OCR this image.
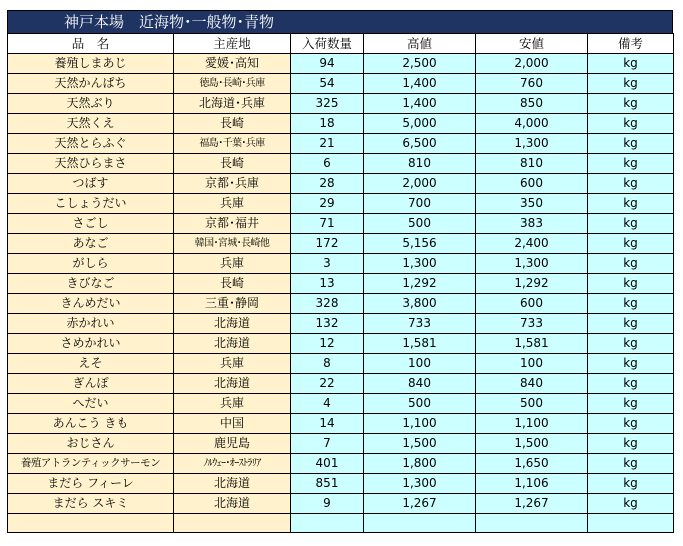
神戸本場　近海物･一般物･青物
品　名	主産地	入荷数量	高値	安値	備考
養殖しまあじ	愛媛･高知	94	2,500	2,000	kg
天然かんぱち	徳島･長崎･兵庫	54	1,400	760	kg
天然ぶり	北海道･兵庫	325	1,400	850	kg
天然くえ	長崎	18	5,000	4,000	kg
天然とらふぐ	福島･千葉･兵庫	21	6,500	1,300	kg
天然ひらまさ	長崎	6	810	810	kg
つばす	京都･兵庫	28	2,000	600	kg
こしょうだい	兵庫	29	700	350	kg
さごし	京都･福井	71	500	383	kg
あなご	韓国･宮城･長崎他	172	5,156	2,400	kg
がしら	兵庫	3	1,300	1,300	kg
きびなご	長崎	13	1,292	1,292	kg
きんめだい	三重･静岡	328	3,800	600	kg
赤かれい	北海道	132	733	733	kg
さめかれい	北海道	12	1,581	1,581	kg
えそ	兵庫	8	100	100	kg
ぎんぽ	北海道	22	840	840	kg
へだい	兵庫	4	500	500	kg
あんこう きも	中国	14	1,100	1,100	kg
おじさん	鹿児島	7	1,500	1,500	kg
養殖アトランティックサーモン	ﾉﾙｳｪｰ･ｵｰｽﾄﾗﾘｱ	401	1,800	1,650	kg
まだら フィーレ	北海道	851	1,300	1,106	kg
まだら スキミ	北海道	9	1,267	1,267	kg
